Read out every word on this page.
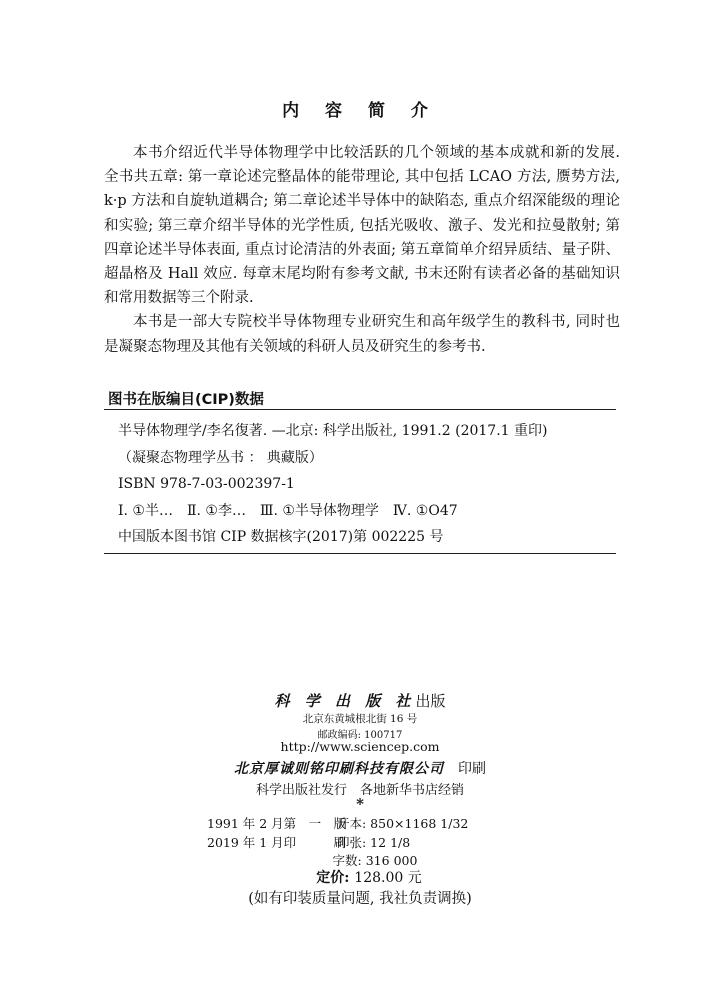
内 容 简 介

本书介绍近代半导体物理学中比较活跃的几个领域的基本成就和新的发展. 全书共五章: 第一章论述完整晶体的能带理论, 其中包括 LCAO 方法, 赝势方法, k·p 方法和自旋轨道耦合; 第二章论述半导体中的缺陷态, 重点介绍深能级的理论和实验; 第三章介绍半导体的光学性质, 包括光吸收、激子、发光和拉曼散射; 第四章论述半导体表面, 重点讨论清洁的外表面; 第五章简单介绍异质结、量子阱、超晶格及 Hall 效应. 每章末尾均附有参考文献, 书末还附有读者必备的基础知识和常用数据等三个附录.

本书是一部大专院校半导体物理专业研究生和高年级学生的教科书, 同时也是凝聚态物理及其他有关领域的科研人员及研究生的参考书.

图书在版编目(CIP)数据
半导体物理学/李名復著. —北京: 科学出版社, 1991.2 (2017.1 重印)
（凝聚态物理学丛书 ： 典藏版）
ISBN 978-7-03-002397-1
Ⅰ. ①半…　Ⅱ. ①李…　Ⅲ. ①半导体物理学　Ⅳ. ①O47
中国版本图书馆 CIP 数据核字(2017)第 002225 号
科 学 出 版 社出版
北京东黄城根北街 16 号
邮政编码: 100717
http://www.sciencep.com
北京厚诚则铭印刷科技有限公司　 印刷
科学出版社发行　各地新华书店经销
*
1991 年 2 月第　一　版
开本: 850×1168 1/32
2019 年 1 月印　　　刷
印张: 12 1/8
字数: 316 000
定价: 128.00 元
(如有印装质量问题, 我社负责调换)
